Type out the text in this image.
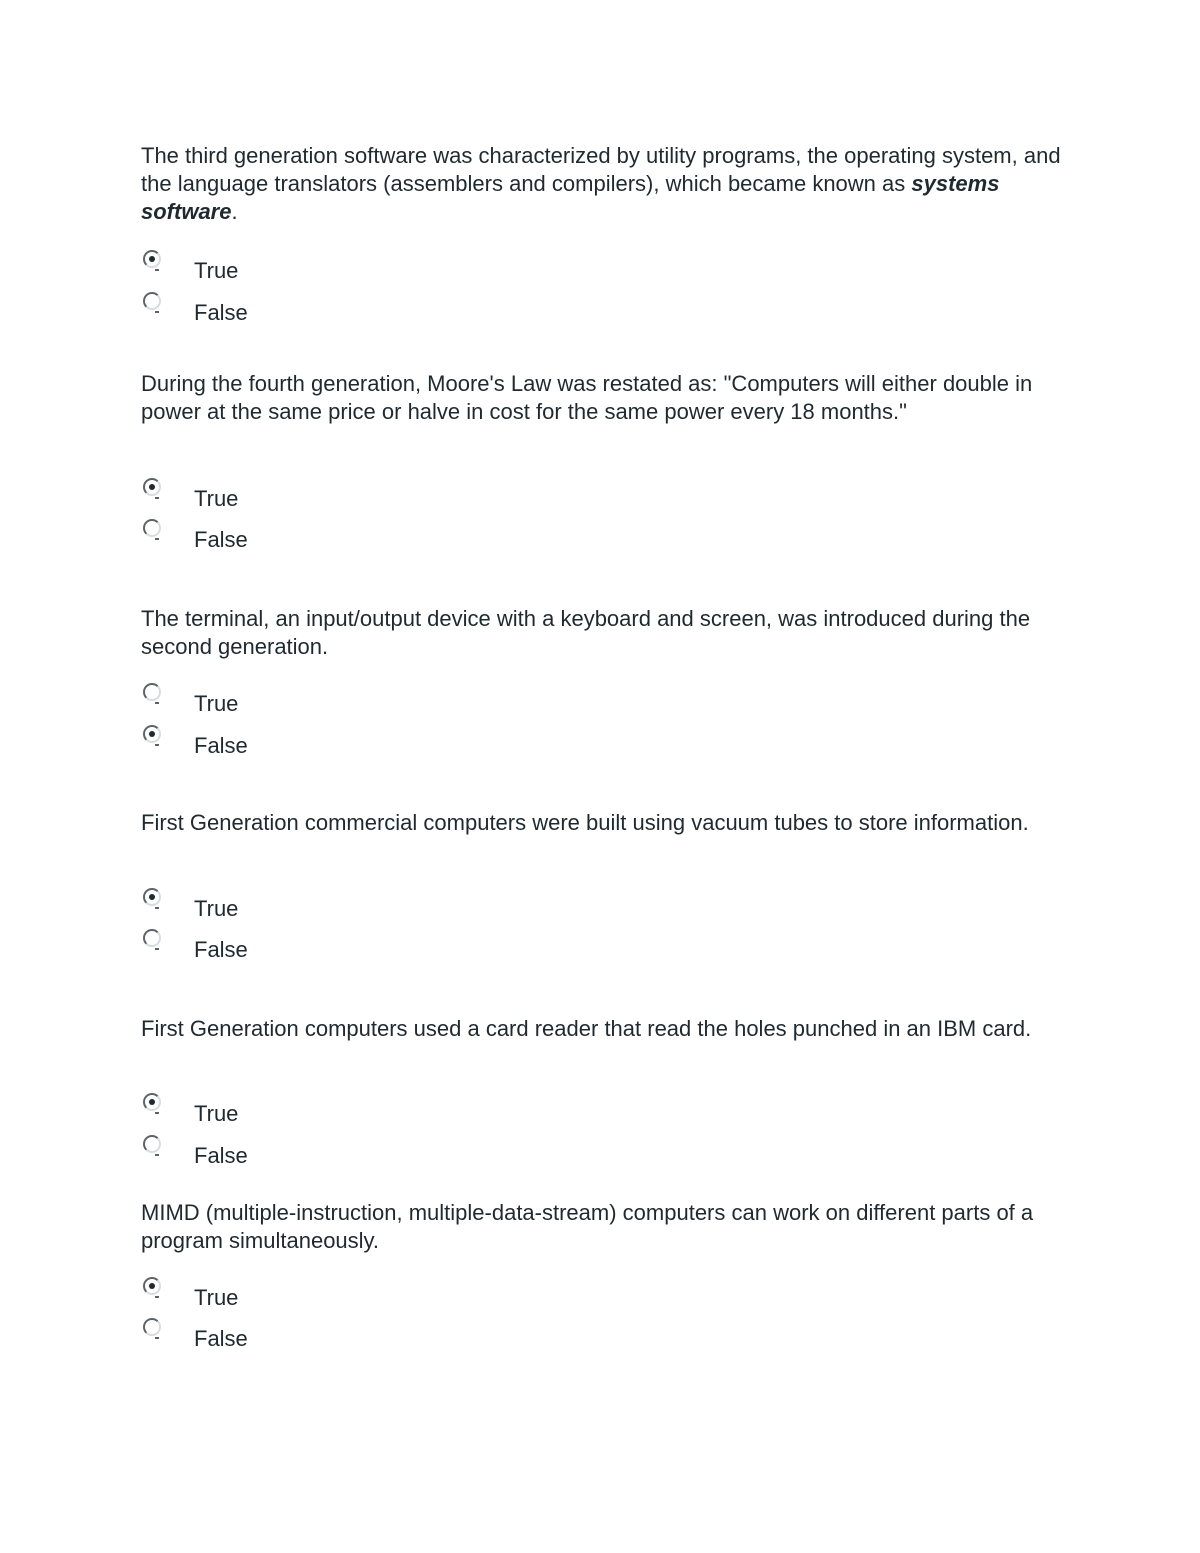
The third generation software was characterized by utility programs, the operating system, and the language translators (assemblers and compilers), which became known as systems software.

True
False

During the fourth generation, Moore's Law was restated as: "Computers will either double in power at the same price or halve in cost for the same power every 18 months."

True
False

The terminal, an input/output device with a keyboard and screen, was introduced during the second generation.

True
False

First Generation commercial computers were built using vacuum tubes to store information.

True
False

First Generation computers used a card reader that read the holes punched in an IBM card.

True
False

MIMD (multiple-instruction, multiple-data-stream) computers can work on different parts of a program simultaneously.

True
False
